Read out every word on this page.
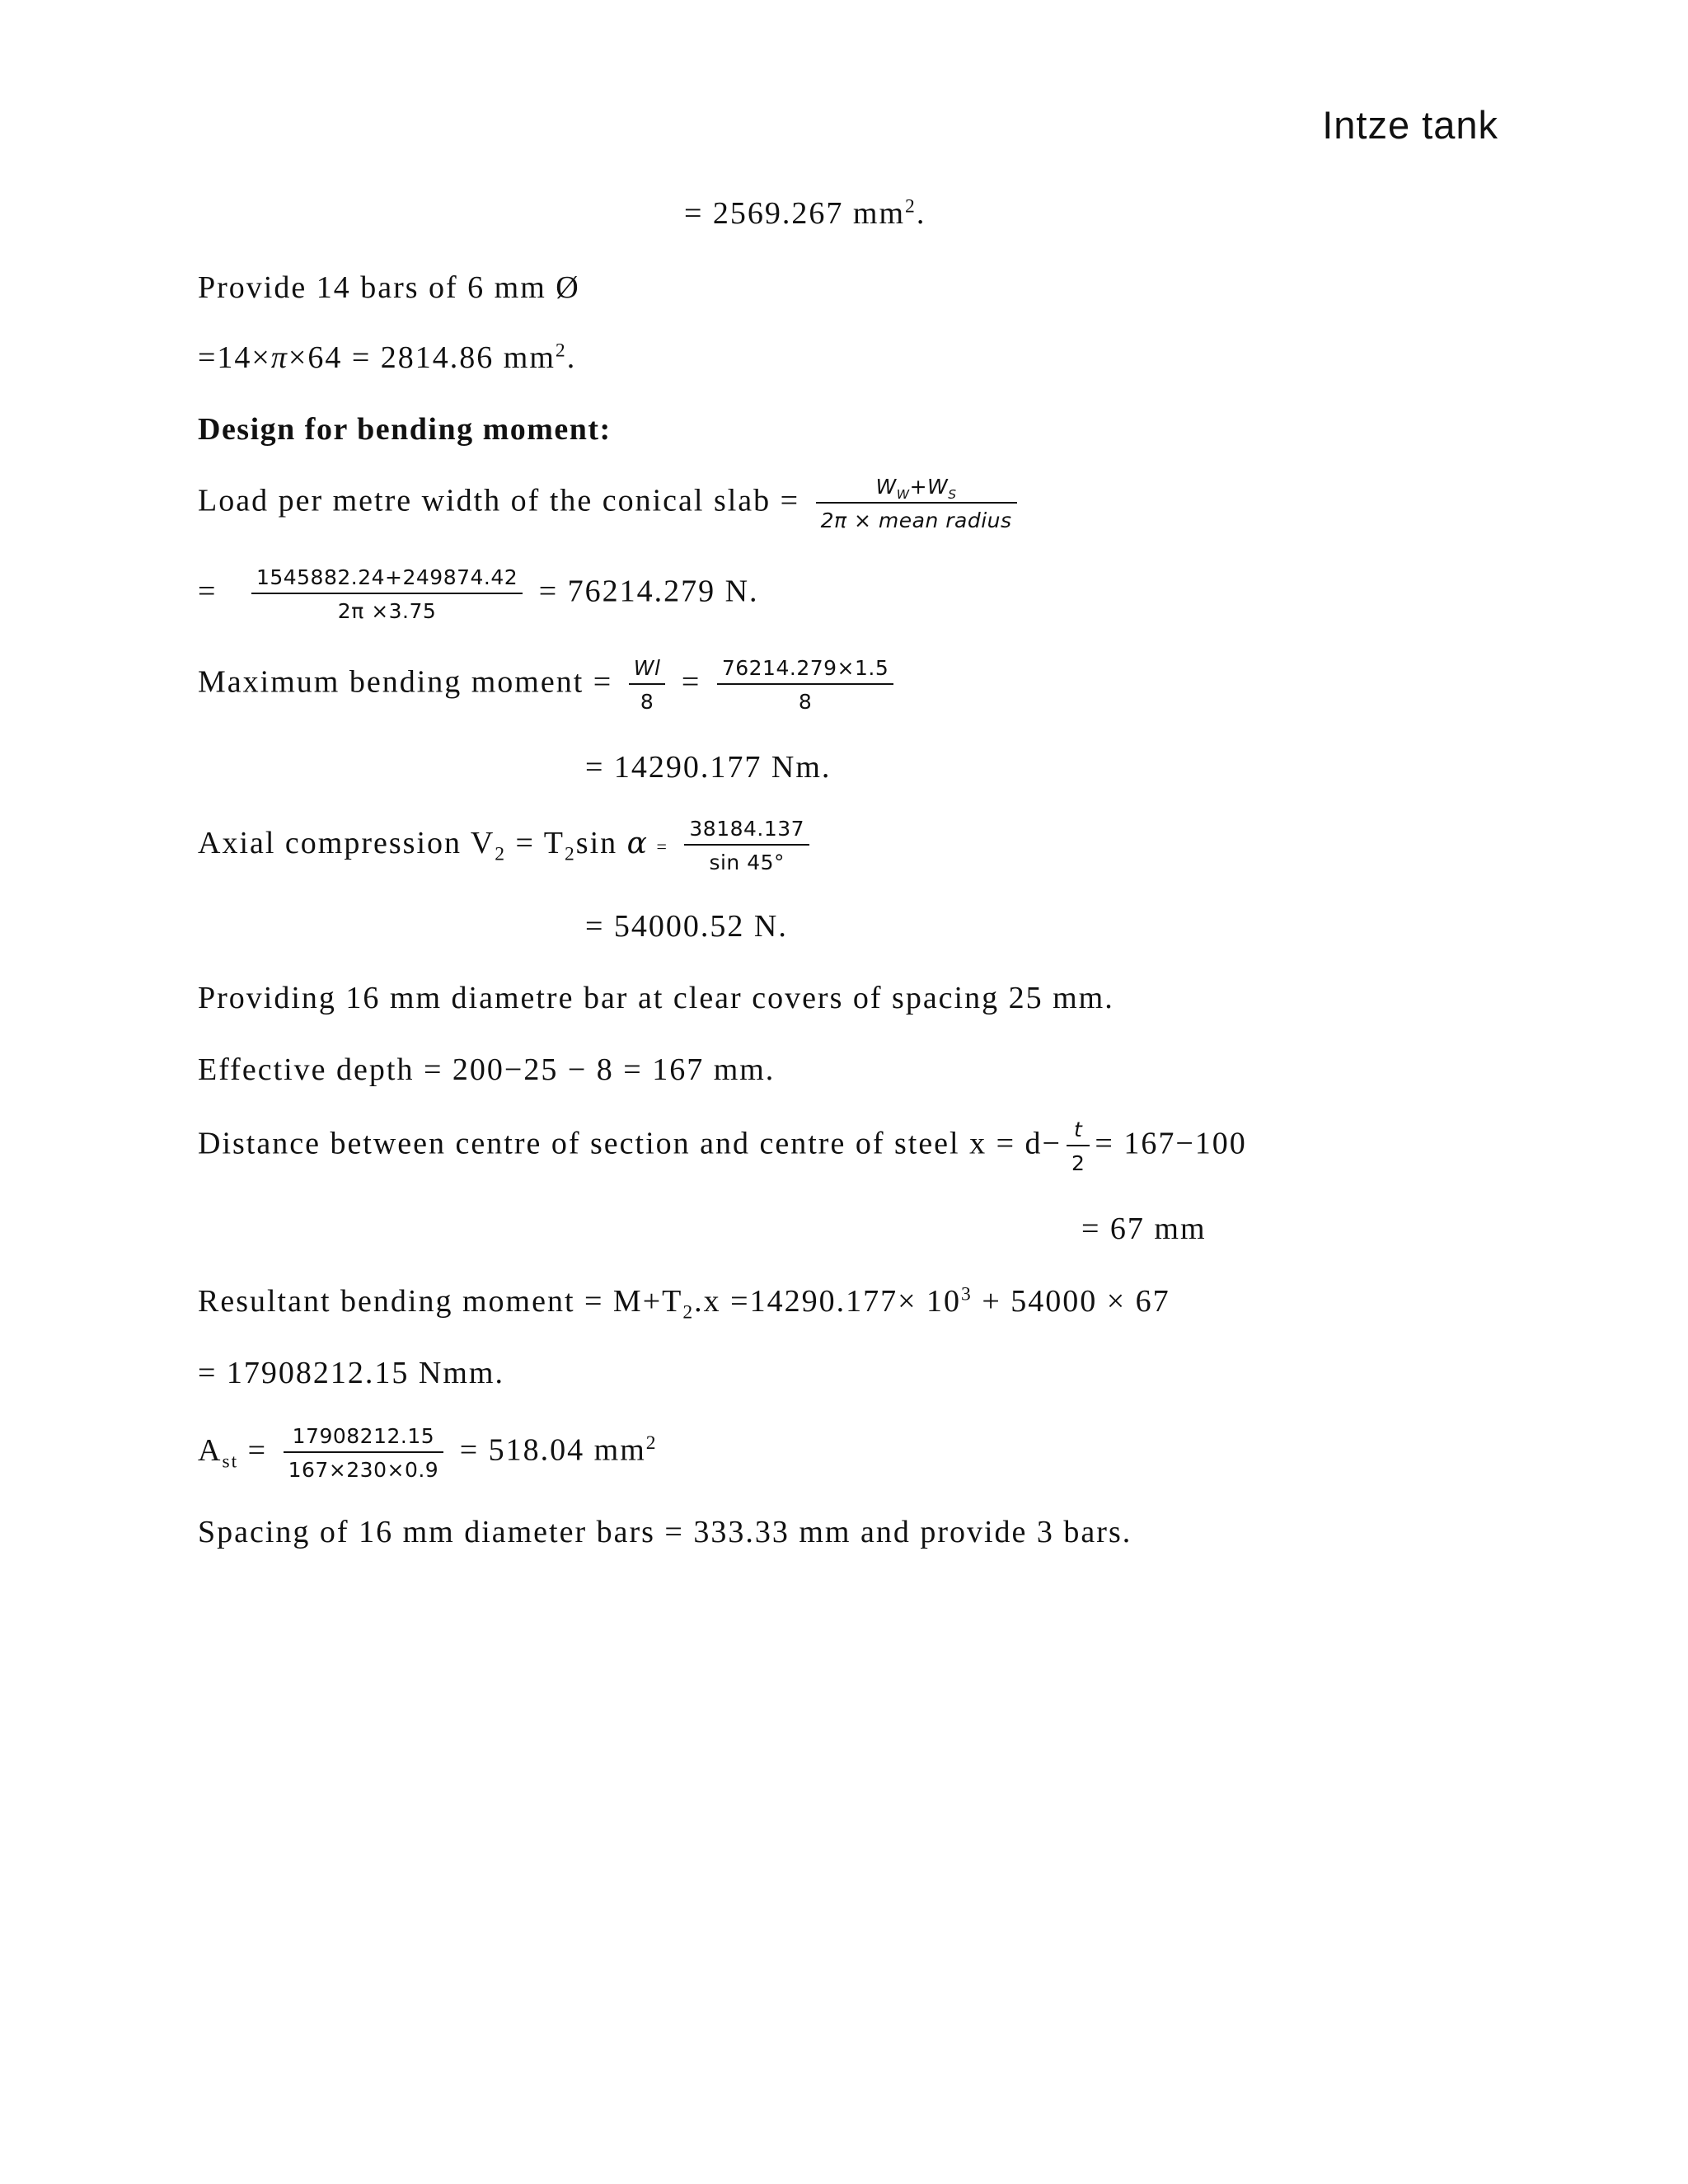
Intze tank
= 2569.267 $mm^2$.
Provide 14 bars of 6 mm Ø
=14×π×64 = 2814.86 $mm^2$.
Design for bending moment:
Load per metre width of the conical slab = $\frac{W_W+W_S}{\text{2π × mean radius}}$
= $\frac{1545882.24+249874.42}{2\pi \times 3.75} = 76214.279$ N.
Maximum bending moment = $\frac{Wl}{8} = \frac{76214.279\times 1.5}{8}$
= 14290.177 Nm.
Axial compression $V_2 = T_2\sin$ $\alpha = \frac{38184.137}{\sin 45^\circ}$
= 54000.52 N.
Providing 16 mm diametre bar at clear covers of spacing 25 mm.
Effective depth = 200−25 − 8 = 167 mm.
Distance between centre of section and centre of steel $x = d- \frac{t}{2} = 167-100$
= 67 mm
Resultant bending moment = $M+T_2.x =14290.177\times 10^3 + 54000 \times 67$
= 17908212.15 Nmm.
$A_{st} = \frac{17908212.15}{167\times 230\times 0.9} = 518.04$ $mm^2$
Spacing of 16 mm diameter bars = 333.33 mm and provide 3 bars.
